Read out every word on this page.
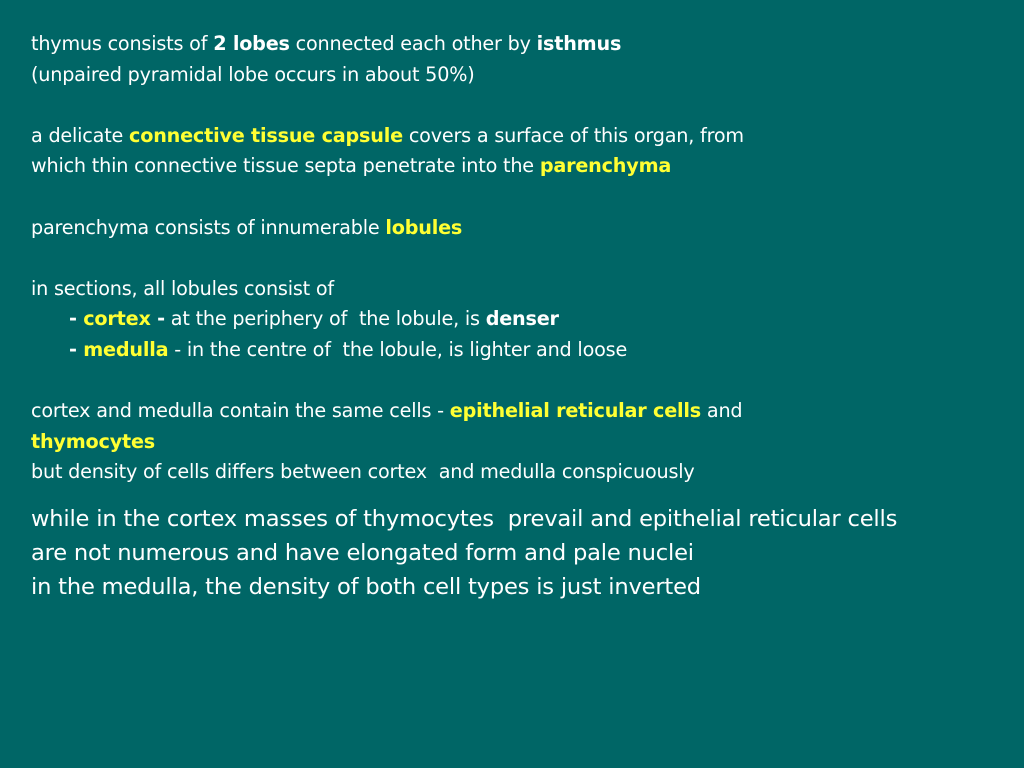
thymus consists of 2 lobes connected each other by isthmus
(unpaired pyramidal lobe occurs in about 50%)
a delicate connective tissue capsule covers a surface of this organ, from
which thin connective tissue septa penetrate into the parenchyma
parenchyma consists of innumerable lobules
in sections, all lobules consist of
- cortex - at the periphery of  the lobule, is denser
- medulla - in the centre of  the lobule, is lighter and loose
cortex and medulla contain the same cells - epithelial reticular cells and
thymocytes
but density of cells differs between cortex  and medulla conspicuously
while in the cortex masses of thymocytes  prevail and epithelial reticular cells
are not numerous and have elongated form and pale nuclei
in the medulla, the density of both cell types is just inverted
